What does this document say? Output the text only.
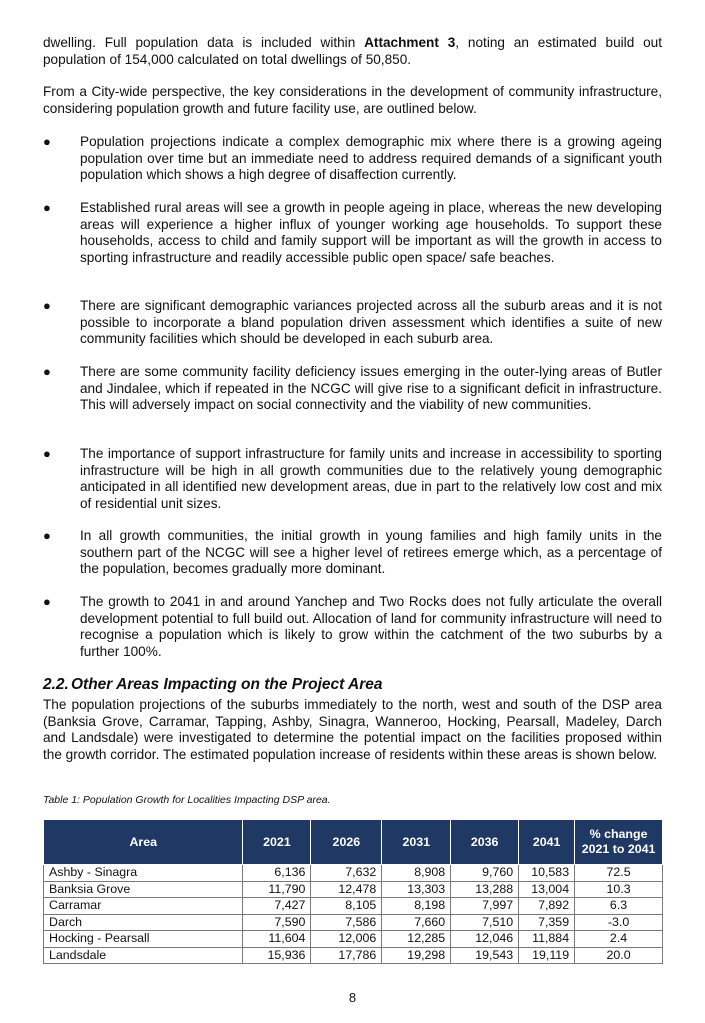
dwelling. Full population data is included within Attachment 3, noting an estimated build out population of 154,000 calculated on total dwellings of 50,850.

From a City-wide perspective, the key considerations in the development of community infrastructure, considering population growth and future facility use, are outlined below.

●	Population projections indicate a complex demographic mix where there is a growing ageing population over time but an immediate need to address required demands of a significant youth population which shows a high degree of disaffection currently.
●	Established rural areas will see a growth in people ageing in place, whereas the new developing areas will experience a higher influx of younger working age households. To support these households, access to child and family support will be important as will the growth in access to sporting infrastructure and readily accessible public open space/ safe beaches.
●	There are significant demographic variances projected across all the suburb areas and it is not possible to incorporate a bland population driven assessment which identifies a suite of new community facilities which should be developed in each suburb area.
●	There are some community facility deficiency issues emerging in the outer-lying areas of Butler and Jindalee, which if repeated in the NCGC will give rise to a significant deficit in infrastructure. This will adversely impact on social connectivity and the viability of new communities.
●	The importance of support infrastructure for family units and increase in accessibility to sporting infrastructure will be high in all growth communities due to the relatively young demographic anticipated in all identified new development areas, due in part to the relatively low cost and mix of residential unit sizes.
●	In all growth communities, the initial growth in young families and high family units in the southern part of the NCGC will see a higher level of retirees emerge which, as a percentage of the population, becomes gradually more dominant.
●	The growth to 2041 in and around Yanchep and Two Rocks does not fully articulate the overall development potential to full build out. Allocation of land for community infrastructure will need to recognise a population which is likely to grow within the catchment of the two suburbs by a further 100%.
2.2. Other Areas Impacting on the Project Area

The population projections of the suburbs immediately to the north, west and south of the DSP area (Banksia Grove, Carramar, Tapping, Ashby, Sinagra, Wanneroo, Hocking, Pearsall, Madeley, Darch and Landsdale) were investigated to determine the potential impact on the facilities proposed within the growth corridor. The estimated population increase of residents within these areas is shown below.

Table 1: Population Growth for Localities Impacting DSP area.
Area	2021	2026	2031	2036	2041	% change 2021 to 2041
Ashby - Sinagra	6,136	7,632	8,908	9,760	10,583	72.5
Banksia Grove	11,790	12,478	13,303	13,288	13,004	10.3
Carramar	7,427	8,105	8,198	7,997	7,892	6.3
Darch	7,590	7,586	7,660	7,510	7,359	-3.0
Hocking - Pearsall	11,604	12,006	12,285	12,046	11,884	2.4
Landsdale	15,936	17,786	19,298	19,543	19,119	20.0
8
